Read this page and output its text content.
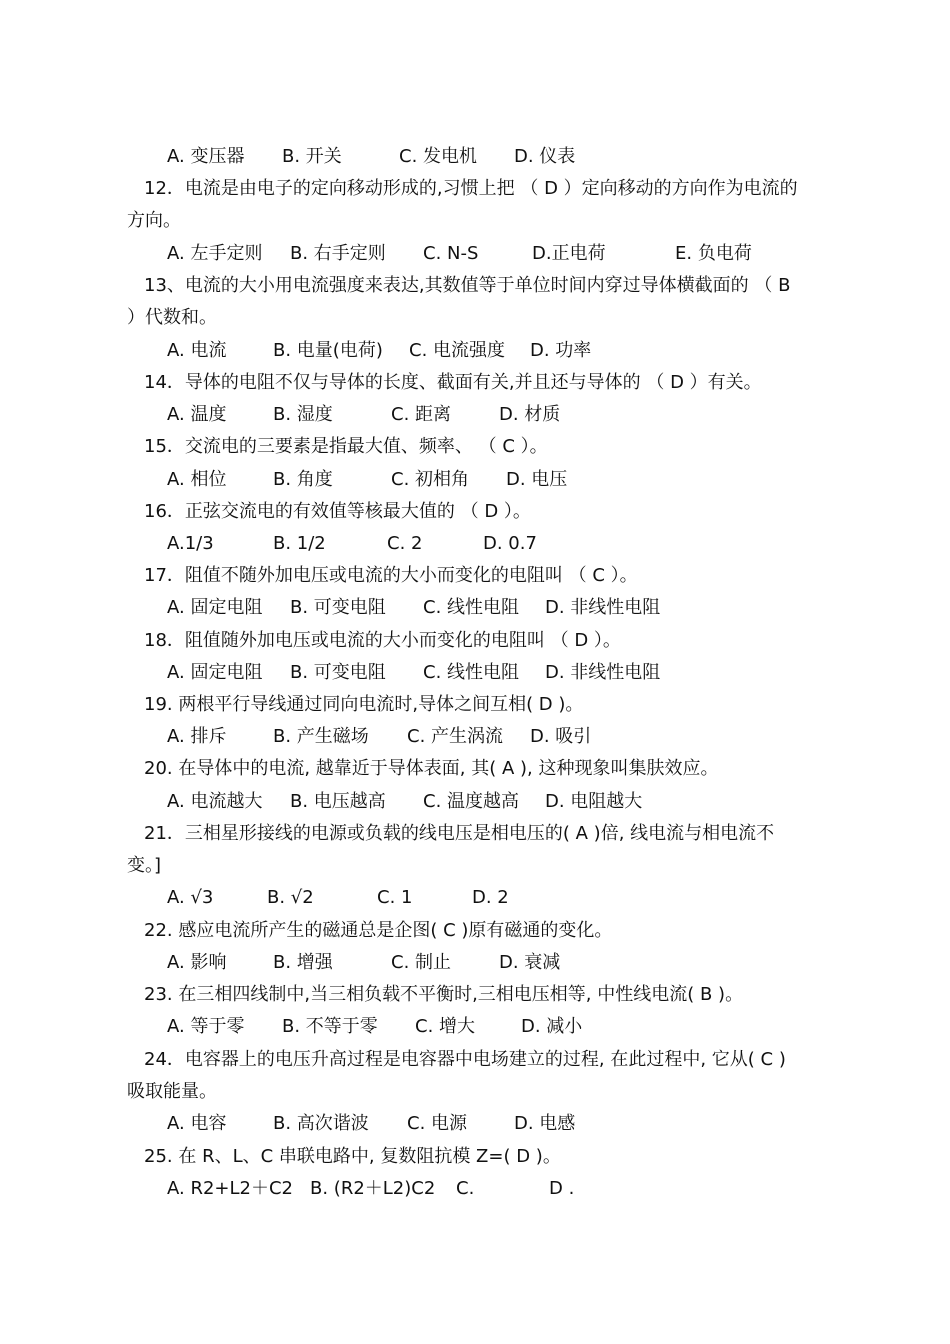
A. 变压器 B. 开关	C. 发电机 D. 仪表
12．电流是由电子的定向移动形成的,习惯上把 （ D ）定向移动的方向作为电流的
方向。
A. 左手定则 B. 右手定则 C. N-S	D.正电荷	E. 负电荷
13、电流的大小用电流强度来表达,其数值等于单位时间内穿过导体横截面的 （ B
）代数和。
A. 电流	B. 电量(电荷) C. 电流强度 D. 功率
14．导体的电阻不仅与导体的长度、截面有关,并且还与导体的 （ D ）有关。
A. 温度	B. 湿度	C. 距离	D. 材质
15．交流电的三要素是指最大值、频率、 （ C ）。
A. 相位	B. 角度	C. 初相角 D. 电压
16．正弦交流电的有效值等核最大值的 （ D ）。
A.1/3	B. 1/2	C. 2	D. 0.7
17．阻值不随外加电压或电流的大小而变化的电阻叫 （ C ）。
A. 固定电阻 B. 可变电阻 C. 线性电阻 D. 非线性电阻
18．阻值随外加电压或电流的大小而变化的电阻叫 （ D ）。
A. 固定电阻 B. 可变电阻 C. 线性电阻 D. 非线性电阻
19. 两根平行导线通过同向电流时,导体之间互相( D )。
A. 排斥	B. 产生磁场 C. 产生涡流 D. 吸引
20. 在导体中的电流, 越靠近于导体表面, 其( A ), 这种现象叫集肤效应。
A. 电流越大 B. 电压越高 C. 温度越高 D. 电阻越大
21．三相星形接线的电源或负载的线电压是相电压的( A )倍, 线电流与相电流不
变。]
A. √3	B. √2	C. 1	D. 2
22. 感应电流所产生的磁通总是企图( C )原有磁通的变化。
A. 影响	B. 增强	C. 制止	D. 衰减
23. 在三相四线制中,当三相负载不平衡时,三相电压相等, 中性线电流( B )。
A. 等于零 B. 不等于零 C. 增大	D. 减小
24．电容器上的电压升高过程是电容器中电场建立的过程, 在此过程中, 它从( C )
吸取能量。
A. 电容	B. 高次谐波 C. 电源	D. 电感
25. 在 R、L、C 串联电路中, 复数阻抗模 Z=( D )。
A. R2+L2＋C2 B. (R2＋L2)C2 C.	D .
